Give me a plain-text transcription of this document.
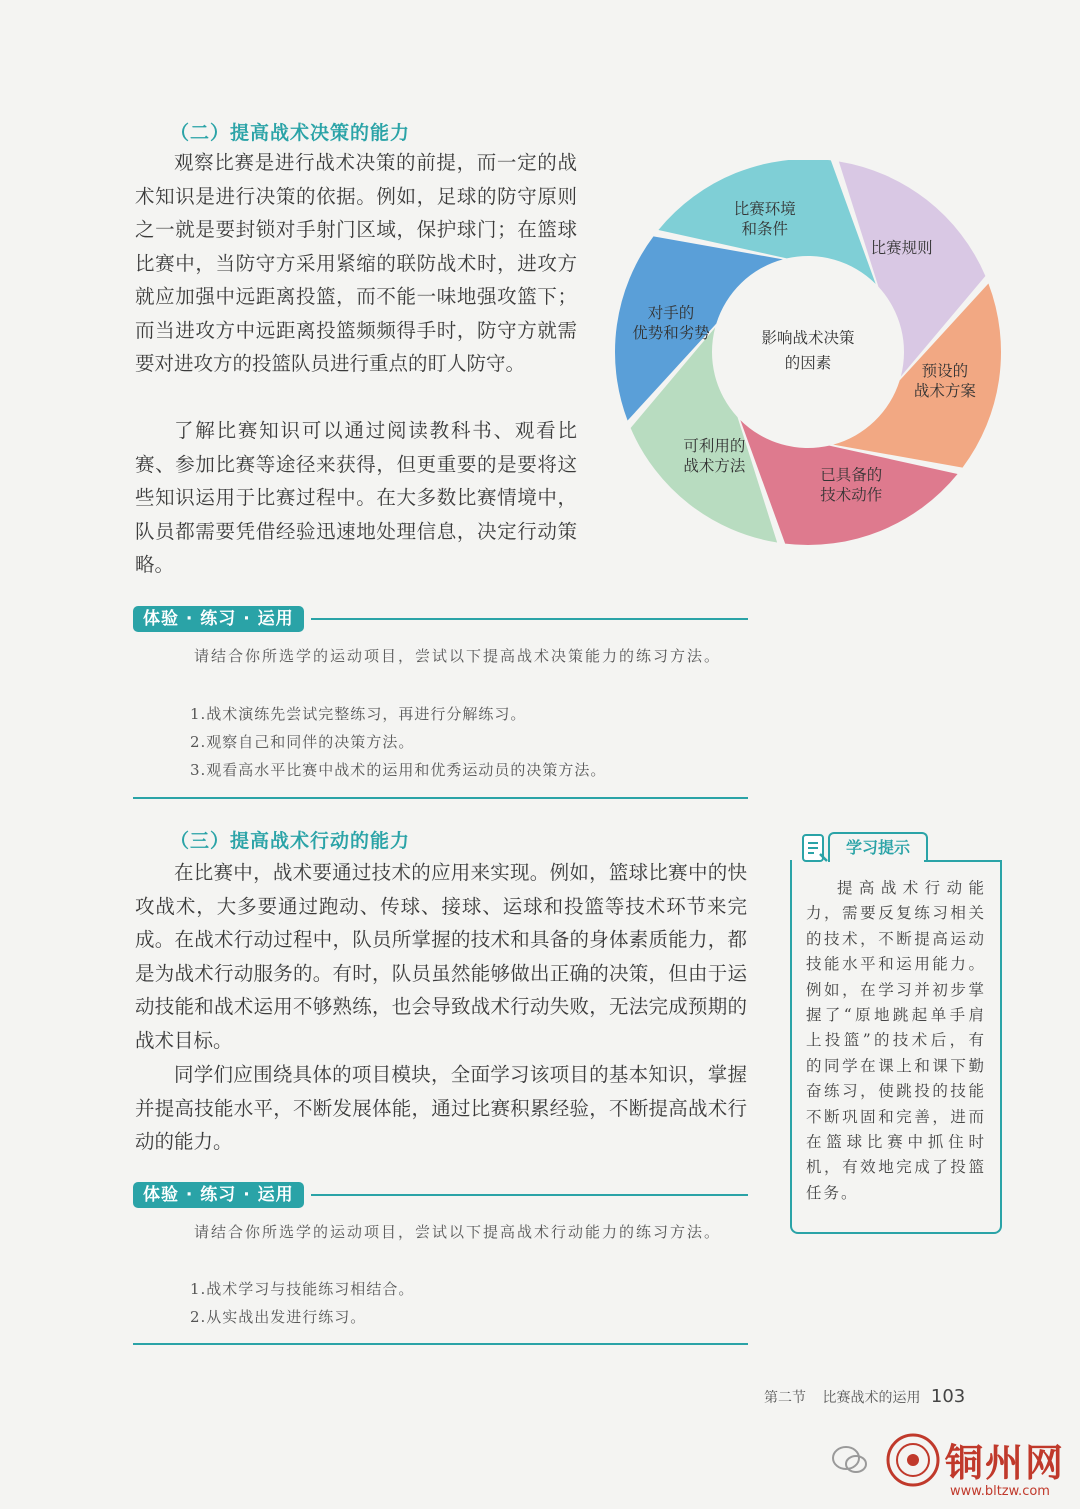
（二）提高战术决策的能力

观察比赛是进行战术决策的前提，而一定的战术知识是进行决策的依据。例如，足球的防守原则之一就是要封锁对手射门区域，保护球门；在篮球比赛中，当防守方采用紧缩的联防战术时，进攻方就应加强中远距离投篮，而不能一味地强攻篮下；而当进攻方中远距离投篮频频得手时，防守方就需要对进攻方的投篮队员进行重点的盯人防守。

了解比赛知识可以通过阅读教科书、观看比赛、参加比赛等途径来获得，但更重要的是要将这些知识运用于比赛过程中。在大多数比赛情境中，队员都需要凭借经验迅速地处理信息，决定行动策略。

影响战术决策
的因素
比赛规则
预设的
战术方案
已具备的
技术动作
可利用的
战术方法
对手的
优势和劣势
比赛环境
和条件
体验 · 练习 · 运用

请结合你所选学的运动项目，尝试以下提高战术决策能力的练习方法。

1.战术演练先尝试完整练习，再进行分解练习。
2.观察自己和同伴的决策方法。
3.观看高水平比赛中战术的运用和优秀运动员的决策方法。
（三）提高战术行动的能力

在比赛中，战术要通过技术的应用来实现。例如，篮球比赛中的快攻战术，大多要通过跑动、传球、接球、运球和投篮等技术环节来完成。在战术行动过程中，队员所掌握的技术和具备的身体素质能力，都是为战术行动服务的。有时，队员虽然能够做出正确的决策，但由于运动技能和战术运用不够熟练，也会导致战术行动失败，无法完成预期的战术目标。

同学们应围绕具体的项目模块，全面学习该项目的基本知识，掌握并提高技能水平，不断发展体能，通过比赛积累经验，不断提高战术行动的能力。

体验 · 练习 · 运用

请结合你所选学的运动项目，尝试以下提高战术行动能力的练习方法。

1.战术学习与技能练习相结合。
2.从实战出发进行练习。
学习提示

提高战术行动能力，需要反复练习相关的技术，不断提高运动技能水平和运用能力。例如，在学习并初步掌握了“原地跳起单手肩上投篮”的技术后，有的同学在课上和课下勤奋练习，使跳投的技能不断巩固和完善，进而在篮球比赛中抓住时机，有效地完成了投篮任务。

第二节 比赛战术的运用 103
铜州网
www.bltzw.com
